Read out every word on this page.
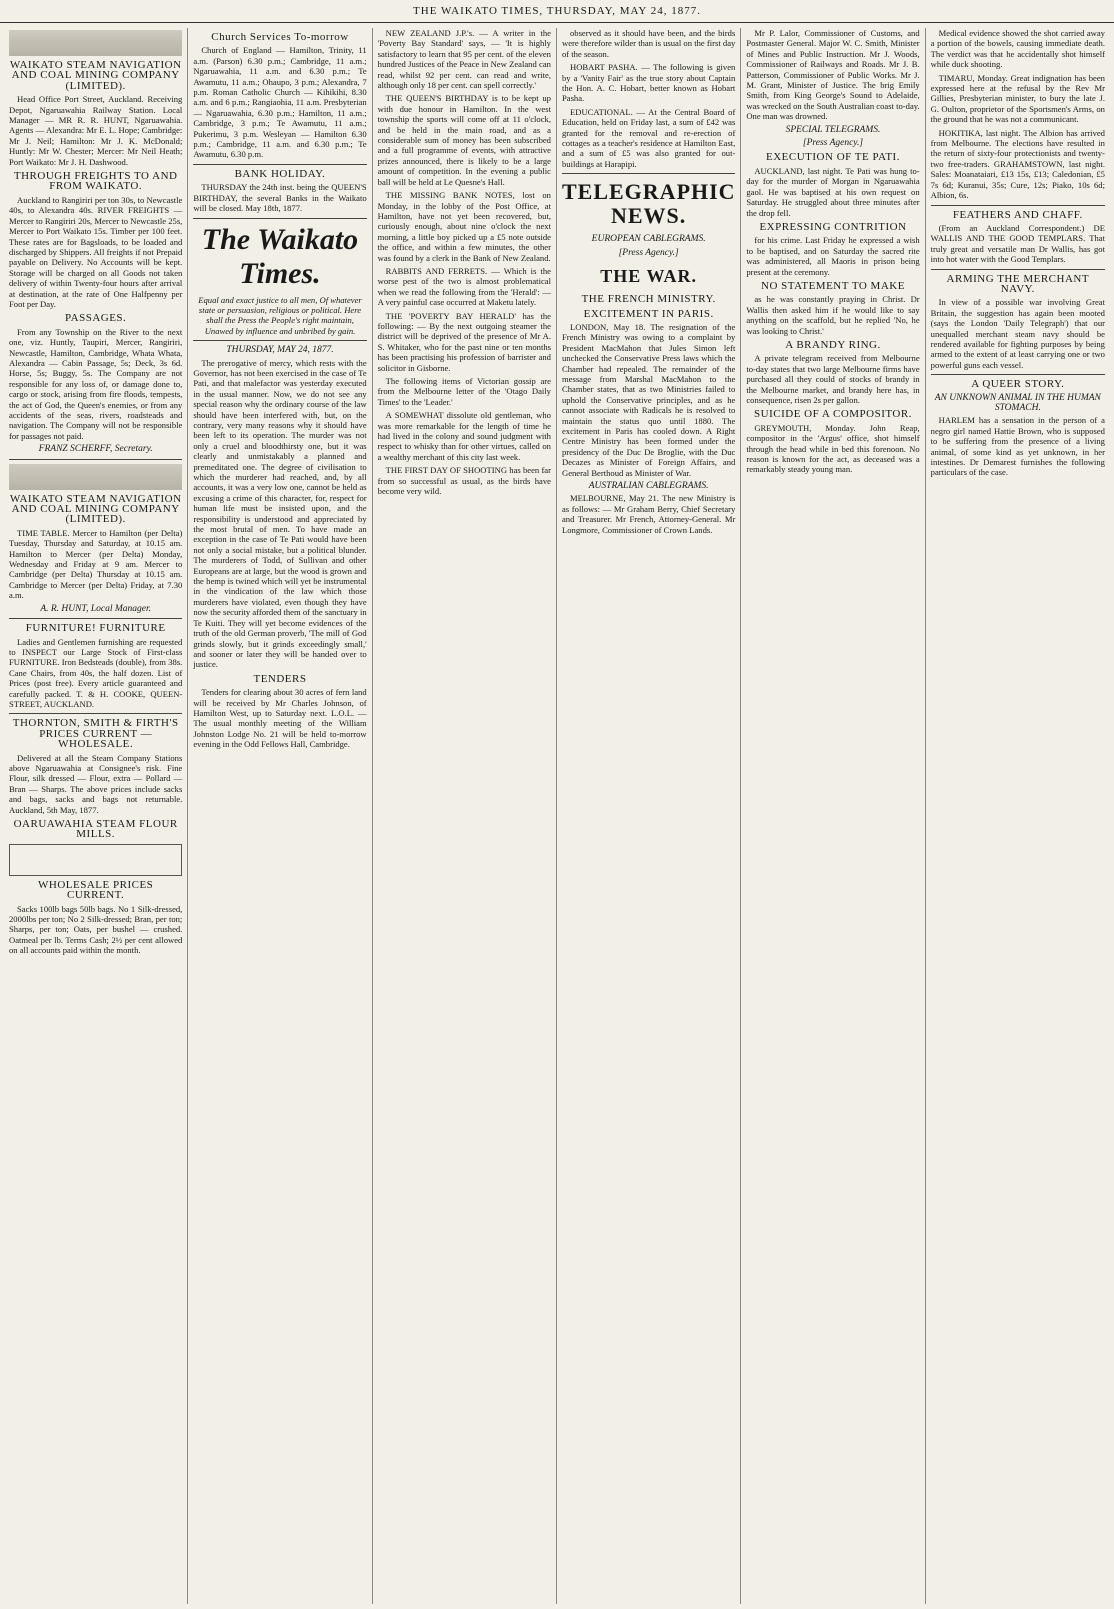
THE WAIKATO TIMES, THURSDAY, MAY 24, 1877.
WAIKATO STEAM NAVIGATION AND COAL MINING COMPANY (LIMITED).

Head Office Port Street, Auckland. Receiving Depot, Ngaruawahia Railway Station. Local Manager — MR R. R. HUNT, Ngaruawahia. Agents — Alexandra: Mr E. L. Hope; Cambridge: Mr J. Neil; Hamilton: Mr J. K. McDonald; Huntly: Mr W. Chester; Mercer: Mr Neil Heath; Port Waikato: Mr J. H. Dashwood.

THROUGH FREIGHTS TO AND FROM WAIKATO.

Auckland to Rangiriri per ton 30s, to Newcastle 40s, to Alexandra 40s. RIVER FREIGHTS — Mercer to Rangiriri 20s, Mercer to Newcastle 25s, Mercer to Port Waikato 15s. Timber per 100 feet. These rates are for Bagsloads, to be loaded and discharged by Shippers. All freights if not Prepaid payable on Delivery. No Accounts will be kept. Storage will be charged on all Goods not taken delivery of within Twenty-four hours after arrival at destination, at the rate of One Halfpenny per Foot per Day.

PASSAGES.

From any Township on the River to the next one, viz. Huntly, Taupiri, Mercer, Rangiriri, Newcastle, Hamilton, Cambridge, Whata Whata, Alexandra — Cabin Passage, 5s; Deck, 3s 6d. Horse, 5s; Buggy, 5s. The Company are not responsible for any loss of, or damage done to, cargo or stock, arising from fire floods, tempests, the act of God, the Queen's enemies, or from any accidents of the seas, rivers, roadsteads and navigation. The Company will not be responsible for passages not paid.

FRANZ SCHERFF, Secretary.
WAIKATO STEAM NAVIGATION AND COAL MINING COMPANY (LIMITED).

TIME TABLE. Mercer to Hamilton (per Delta) Tuesday, Thursday and Saturday, at 10.15 am. Hamilton to Mercer (per Delta) Monday, Wednesday and Friday at 9 am. Mercer to Cambridge (per Delta) Thursday at 10.15 am. Cambridge to Mercer (per Delta) Friday, at 7.30 a.m.

A. R. HUNT, Local Manager.
FURNITURE! FURNITURE

Ladies and Gentlemen furnishing are requested to INSPECT our Large Stock of First-class FURNITURE. Iron Bedsteads (double), from 38s. Cane Chairs, from 40s, the half dozen. List of Prices (post free). Every article guaranteed and carefully packed. T. & H. COOKE, QUEEN-STREET, AUCKLAND.

THORNTON, SMITH & FIRTH'S PRICES CURRENT — WHOLESALE.

Delivered at all the Steam Company Stations above Ngaruawahia at Consignee's risk. Fine Flour, silk dressed — Flour, extra — Pollard — Bran — Sharps. The above prices include sacks and bags, sacks and bags not returnable. Auckland, 5th May, 1877.

OARUAWAHIA STEAM FLOUR MILLS.
WHOLESALE PRICES CURRENT.

Sacks 100lb bags 50lb bags. No 1 Silk-dressed, 2000lbs per ton; No 2 Silk-dressed; Bran, per ton; Sharps, per ton; Oats, per bushel — crushed. Oatmeal per lb. Terms Cash; 2½ per cent allowed on all accounts paid within the month.

Church Services To-morrow

Church of England — Hamilton, Trinity, 11 a.m. (Parson) 6.30 p.m.; Cambridge, 11 a.m.; Ngaruawahia, 11 a.m. and 6.30 p.m.; Te Awamutu, 11 a.m.; Ohaupo, 3 p.m.; Alexandra, 7 p.m. Roman Catholic Church — Kihikihi, 8.30 a.m. and 6 p.m.; Rangiaohia, 11 a.m. Presbyterian — Ngaruawahia, 6.30 p.m.; Hamilton, 11 a.m.; Cambridge, 3 p.m.; Te Awamutu, 11 a.m.; Pukerimu, 3 p.m. Wesleyan — Hamilton 6.30 p.m.; Cambridge, 11 a.m. and 6.30 p.m.; Te Awamutu, 6.30 p.m.

BANK HOLIDAY.

THURSDAY the 24th inst. being the QUEEN'S BIRTHDAY, the several Banks in the Waikato will be closed. May 18th, 1877.

The Waikato Times.

Equal and exact justice to all men, Of whatever state or persuasion, religious or political. Here shall the Press the People's right maintain, Unawed by influence and unbribed by gain.

THURSDAY, MAY 24, 1877.

The prerogative of mercy, which rests with the Governor, has not been exercised in the case of Te Pati, and that malefactor was yesterday executed in the usual manner. Now, we do not see any special reason why the ordinary course of the law should have been interfered with, but, on the contrary, very many reasons why it should have been left to its operation. The murder was not only a cruel and bloodthirsty one, but it was clearly and unmistakably a planned and premeditated one. The degree of civilisation to which the murderer had reached, and, by all accounts, it was a very low one, cannot be held as excusing a crime of this character, for, respect for human life must be insisted upon, and the responsibility is understood and appreciated by the most brutal of men. To have made an exception in the case of Te Pati would have been not only a social mistake, but a political blunder. The murderers of Todd, of Sullivan and other Europeans are at large, but the wood is grown and the hemp is twined which will yet be instrumental in the vindication of the law which those murderers have violated, even though they have now the security afforded them of the sanctuary in Te Kuiti. They will yet become evidences of the truth of the old German proverb, 'The mill of God grinds slowly, but it grinds exceedingly small,' and sooner or later they will be handed over to justice.

TENDERS

Tenders for clearing about 30 acres of fern land will be received by Mr Charles Johnson, of Hamilton West, up to Saturday next. L.O.L. — The usual monthly meeting of the William Johnston Lodge No. 21 will be held to-morrow evening in the Odd Fellows Hall, Cambridge.

NEW ZEALAND J.P.'s. — A writer in the 'Poverty Bay Standard' says, — 'It is highly satisfactory to learn that 95 per cent. of the eleven hundred Justices of the Peace in New Zealand can read, whilst 92 per cent. can read and write, although only 18 per cent. can spell correctly.'

THE QUEEN'S BIRTHDAY is to be kept up with due honour in Hamilton. In the west township the sports will come off at 11 o'clock, and be held in the main road, and as a considerable sum of money has been subscribed and a full programme of events, with attractive prizes announced, there is likely to be a large amount of competition. In the evening a public ball will be held at Le Quesne's Hall.

THE MISSING BANK NOTES, lost on Monday, in the lobby of the Post Office, at Hamilton, have not yet been recovered, but, curiously enough, about nine o'clock the next morning, a little boy picked up a £5 note outside the office, and within a few minutes, the other was found by a clerk in the Bank of New Zealand.

RABBITS AND FERRETS. — Which is the worse pest of the two is almost problematical when we read the following from the 'Herald': — A very painful case occurred at Maketu lately.

THE 'POVERTY BAY HERALD' has the following: — By the next outgoing steamer the district will be deprived of the presence of Mr A. S. Whitaker, who for the past nine or ten months has been practising his profession of barrister and solicitor in Gisborne.

The following items of Victorian gossip are from the Melbourne letter of the 'Otago Daily Times' to the 'Leader.'

A SOMEWHAT dissolute old gentleman, who was more remarkable for the length of time he had lived in the colony and sound judgment with respect to whisky than for other virtues, called on a wealthy merchant of this city last week.

THE FIRST DAY OF SHOOTING has been far from so successful as usual, as the birds have become very wild.

observed as it should have been, and the birds were therefore wilder than is usual on the first day of the season.

HOBART PASHA. — The following is given by a 'Vanity Fair' as the true story about Captain the Hon. A. C. Hobart, better known as Hobart Pasha.

EDUCATIONAL. — At the Central Board of Education, held on Friday last, a sum of £42 was granted for the removal and re-erection of cottages as a teacher's residence at Hamilton East, and a sum of £5 was also granted for out-buildings at Harapipi.

TELEGRAPHIC NEWS.
EUROPEAN CABLEGRAMS.
[Press Agency.]
THE WAR.
THE FRENCH MINISTRY.
EXCITEMENT IN PARIS.

LONDON, May 18. The resignation of the French Ministry was owing to a complaint by President MacMahon that Jules Simon left unchecked the Conservative Press laws which the Chamber had repealed. The remainder of the message from Marshal MacMahon to the Chamber states, that as two Ministries failed to uphold the Conservative principles, and as he cannot associate with Radicals he is resolved to maintain the status quo until 1880. The excitement in Paris has cooled down. A Right Centre Ministry has been formed under the presidency of the Duc De Broglie, with the Duc Decazes as Minister of Foreign Affairs, and General Berthoud as Minister of War.

AUSTRALIAN CABLEGRAMS.

MELBOURNE, May 21. The new Ministry is as follows: — Mr Graham Berry, Chief Secretary and Treasurer. Mr French, Attorney-General. Mr Longmore, Commissioner of Crown Lands.

Mr P. Lalor, Commissioner of Customs, and Postmaster General. Major W. C. Smith, Minister of Mines and Public Instruction. Mr J. Woods, Commissioner of Railways and Roads. Mr J. B. Patterson, Commissioner of Public Works. Mr J. M. Grant, Minister of Justice. The brig Emily Smith, from King George's Sound to Adelaide, was wrecked on the South Australian coast to-day. One man was drowned.

SPECIAL TELEGRAMS.
[Press Agency.]
EXECUTION OF TE PATI.

AUCKLAND, last night. Te Pati was hung to-day for the murder of Morgan in Ngaruawahia gaol. He was baptised at his own request on Saturday. He struggled about three minutes after the drop fell.

EXPRESSING CONTRITION

for his crime. Last Friday he expressed a wish to be baptised, and on Saturday the sacred rite was administered, all Maoris in prison being present at the ceremony.

NO STATEMENT TO MAKE

as he was constantly praying in Christ. Dr Wallis then asked him if he would like to say anything on the scaffold, but he replied 'No, he was looking to Christ.'

A BRANDY RING.

A private telegram received from Melbourne to-day states that two large Melbourne firms have purchased all they could of stocks of brandy in the Melbourne market, and brandy here has, in consequence, risen 2s per gallon.

SUICIDE OF A COMPOSITOR.

GREYMOUTH, Monday. John Reap, compositor in the 'Argus' office, shot himself through the head while in bed this forenoon. No reason is known for the act, as deceased was a remarkably steady young man.

Medical evidence showed the shot carried away a portion of the bowels, causing immediate death. The verdict was that he accidentally shot himself while duck shooting.

TIMARU, Monday. Great indignation has been expressed here at the refusal by the Rev Mr Gillies, Presbyterian minister, to bury the late J. G. Oulton, proprietor of the Sportsmen's Arms, on the ground that he was not a communicant.

HOKITIKA, last night. The Albion has arrived from Melbourne. The elections have resulted in the return of sixty-four protectionists and twenty-two free-traders. GRAHAMSTOWN, last night. Sales: Moanataiari, £13 15s, £13; Caledonian, £5 7s 6d; Kuranui, 35s; Cure, 12s; Piako, 10s 6d; Albion, 6s.

FEATHERS AND CHAFF.

(From an Auckland Correspondent.) DE WALLIS AND THE GOOD TEMPLARS. That truly great and versatile man Dr Wallis, has got into hot water with the Good Templars.

ARMING THE MERCHANT NAVY.

In view of a possible war involving Great Britain, the suggestion has again been mooted (says the London 'Daily Telegraph') that our unequalled merchant steam navy should be rendered available for fighting purposes by being armed to the extent of at least carrying one or two powerful guns each vessel.

A QUEER STORY.
AN UNKNOWN ANIMAL IN THE HUMAN STOMACH.

HARLEM has a sensation in the person of a negro girl named Hattie Brown, who is supposed to be suffering from the presence of a living animal, of some kind as yet unknown, in her intestines. Dr Demarest furnishes the following particulars of the case.
